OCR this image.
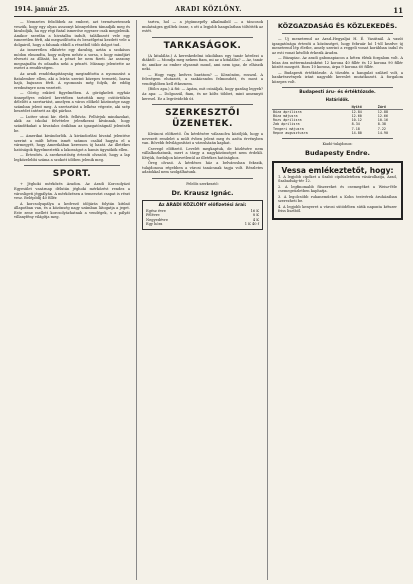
1914. január 25.	ARADI KÖZLÖNY.	11

— Nemzetes felsőbbek az emberi, azt természetesnek veszük, hogy egy olyan asszonyt könnyebben támadják meg és kirabolják, ha egy régi fiatal ismerőse egyszer csak megjelenik. Amikor szerdán a hivatalba indult, találkozott vele egy ismeretlen férfi, aki megszólította és beszélgetni kezdett vele a dolgairól, hogy a falunak ebből a részéből több dolgot tud.

Az ismeretlen elkísérte egy darabig, aztán a szokásos módon elmondta, hogy milyen nehéz a sorsa, s hogy mindjárt elveszti az állását, ha a pénzt be nem fizeti. Az asszony megsajnálta és odaadta neki a pénzét. Másnap jelentette az esetet a rendőrségen.

Az aradi rendőrkapitányság megindította a nyomozást a fiatalember ellen, aki a leírás szerint közepes termetű, barna hajú, bajuszos férfi. A nyomozás még folyik, de eddig eredményre nem vezetett.

— Görög esküvő figyelmében. A görögkeleti egyház ünnepélyes esküvő keretében tartották meg csütörtökön délelőtt a szertartást, amelyen a város előkelő közönsége nagy számban jelent meg. A szertartást a lelkész végezte, aki szép beszédet intézett az ifjú párhoz.

— Lutter utcai kir. életb. felhívás. Felhívjuk mindazokat, akik az iskolai felvételre jelentkezni kívánnak, hogy szándékukat a hivatalos órákban az igazgatóságnál jelentsék be.

— Amerikai kivándorlók. A kivándorlási hivatal jelentése szerint a múlt héten ismét számos család hagyta el a vármegyét, hogy Amerikában keressen új hazát. Az illetékes hatóságok figyelmeztetik a lakosságot a hamis ügynökök ellen.

— Értesítés. A szerkesztőség értesíti olvasóit, hogy a lap legközelebbi száma a szokott időben jelenik meg.

SPORT.

+ Jéghoki mérkőzés Aradon. Az Aradi Korcsolyázó Egyesület vasárnap délután jéghoki mérkőzést rendez a városligeti jégpályán. A mérkőzésen a temesvári csapat is részt vesz. Belépődíj 40 fillér.

A korcsolyapálya a kedvező időjárás folytán kitűnő állapotban van, és a közönség nagy számban látogatja a jeget. Este zene mellett korcsolyázhatnak a vendégek, s a pályát villanyfény világítja meg.

tartva, hol — a jégünnepély alkalmából — a táncosok mulatságra gyűltek össze, s ott a legjobb hangulatban töltötték az estét.

TARKASÁGOK.

(A kitalálás.) A kereskedelmi iskolában egy tanár kérdezi a diáktól: — Mondja meg nekem fiam, mi az a kitalálás? — Az, tanár úr, amikor az ember olyasmit mond, ami nem igaz, de elhiszik neki.

— Hogy vagy, kedves barátom? — Köszönöm, rosszul. A feleségem elutazott, a szakácsnőm felmondott, és most a vendéglőben kell étkeznem.

(Bölcs apa.) A fiú: — Apám, mit csináljak, hogy gazdag legyek? Az apa: — Dolgozzál, fiam, és ne költs többet, mint amennyit keresel. Ez a legrövidebb út.

SZERKESZTŐI ÜZENETEK.

Kíváncsi előfizető. Ön kérdésére válaszolva közöljük, hogy a nevezett rendelet a múlt évben jelent meg és azóta érvényben van. Bővebb felvilágosítást a városházán kaphat.

Csevegő előfizető. Levelét megkaptuk, de közlésére nem vállalkozhatunk, mert a tárgy a nagyközönséget nem érdekli. Kérjük, forduljon közvetlenül az illetékes hatósághoz.

Öreg olvasó. A kérdéses ház a belvárosban fekszik, tulajdonosa régebben a városi tanácsnak tagja volt. Részletes adatokkal nem szolgálhatunk.

Felelős szerkesztő:

Dr. Krausz Ignác.

Az ARADI KÖZLÖNY előfizetési árai:
Egész évre	16 K
Félévre	8 K
Negyedévre	4 K
Egy hóra	1 K 40 f

KÖZGAZDASÁG ÉS KÖZLEKEDÉS.

— Uj menetrend az Arad–Hegyaljai H. É. Vasútnál. A vasút igazgatósága értesíti a közönséget, hogy február hó 1-től kezdve új menetrend lép életbe, amely szerint a reggeli vonat korábban indul és az esti vonat később érkezik Aradra.

— Búzapiac. Az aradi gabonapiacon a héten élénk forgalom volt. A búza ára métermázsánként 12 korona 40 fillér és 12 korona 90 fillér között mozgott. Rozs 10 korona, árpa 9 korona 60 fillér.

— Budapesti értéktőzsde. A tőzsdén a hangulat szilárd volt, a bankrészvények iránt nagyobb kereslet mutatkozott. A forgalom közepes volt.

Budapesti áru- és értéktőzsde.

Határidők.

	Nyitó	Záró
Búza áprilisra	12.84	12.88
Búza májusra	12.60	12.66
Rozs áprilisra	10.12	10.16
Zab áprilisra	8.34	8.38
Tengeri májusra	7.18	7.22
Repce augusztusra	14.80	14.90

Kiadó-tulajdonos:

Budapesty Endre.

Vessa emlékeztetőt, hogy:

1. A legjobb cipőket a Szabó cipőüzletében vásárolhatja, Arad, Szabadság-tér 12.

2. A legfinomabb fűszereket és csemegéket a Weisz-féle csemegeüzletben kaphatja.

3. A legolcsóbb ruhaneműeket a Kohn testvérek áruházában szerezheti be.

4. A legjobb kenyeret a városi sütödében sütik naponta kétszer friss lisztből.
